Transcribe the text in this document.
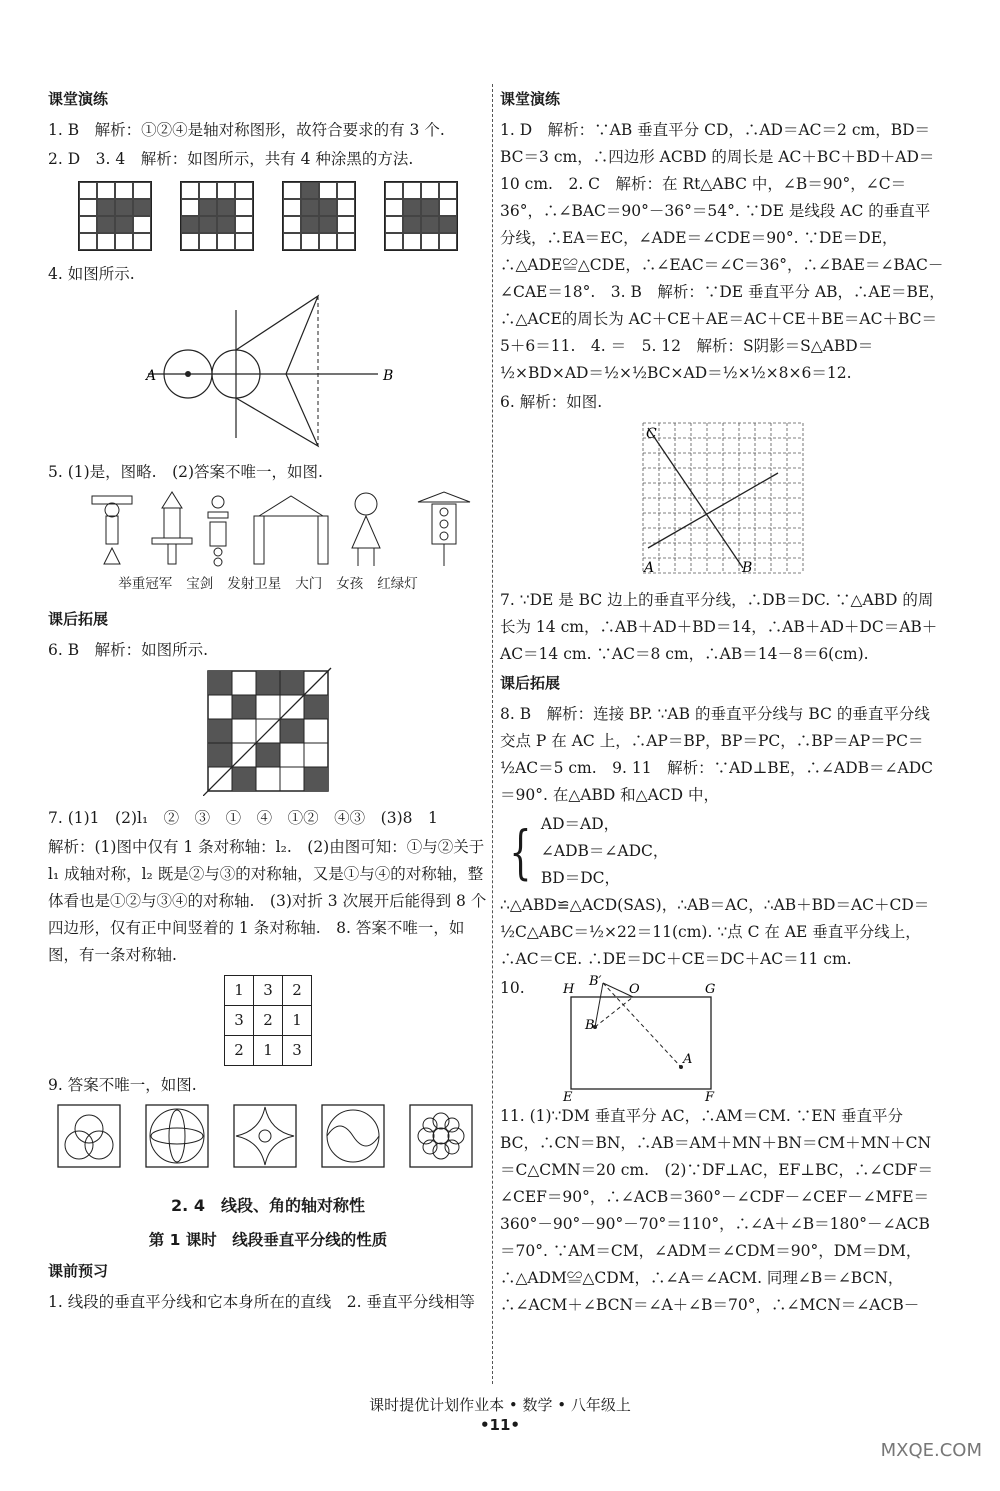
课堂演练

1. B　解析：①②④是轴对称图形，故符合要求的有 3 个.

2. D　3. 4　解析：如图所示，共有 4 种涂黑的方法.

4. 如图所示.

A	B

5. (1)是，图略.　(2)答案不唯一，如图.

举重冠军 宝剑 发射卫星 大门 女孩 红绿灯
课后拓展

6. B　解析：如图所示.

7. (1)1　(2)l₁　②　③　①　④　①②　④③　(3)8　1

解析：(1)图中仅有 1 条对称轴：l₂.　(2)由图可知：①与②关于 l₁ 成轴对称，l₂ 既是②与③的对称轴，又是①与④的对称轴，整体看也是①②与③④的对称轴.　(3)对折 3 次展开后能得到 8 个四边形，仅有正中间竖着的 1 条对称轴.　8. 答案不唯一，如图，有一条对称轴.

1	3	2
3	2	1
2	1	3

9. 答案不唯一，如图.

2. 4　线段、角的轴对称性
第 1 课时　线段垂直平分线的性质
课前预习

1. 线段的垂直平分线和它本身所在的直线　2. 垂直平分线相等

课堂演练

1. D　解析：∵AB 垂直平分 CD，∴AD＝AC＝2 cm，BD＝BC＝3 cm，∴四边形 ACBD 的周长是 AC＋BC＋BD＋AD＝10 cm.　2. C　解析：在 Rt△ABC 中，∠B＝90°，∠C＝36°，∴∠BAC＝90°－36°＝54°. ∵DE 是线段 AC 的垂直平分线，∴EA＝EC，∠ADE＝∠CDE＝90°. ∵DE＝DE，∴△ADE≌△CDE，∴∠EAC＝∠C＝36°，∴∠BAE＝∠BAC－∠CAE＝18°.　3. B　解析：∵DE 垂直平分 AB，∴AE＝BE，∴△ACE的周长为 AC＋CE＋AE＝AC＋CE＋BE＝AC＋BC＝5＋6＝11.　4. ＝　5. 12　解析：S阴影＝S△ABD＝½×BD×AD＝½×½BC×AD＝½×½×8×6＝12.

6. 解析：如图.

C
A	B

7. ∵DE 是 BC 边上的垂直平分线，∴DB＝DC. ∵△ABD 的周长为 14 cm，∴AB＋AD＋BD＝14，∴AB＋AD＋DC＝AB＋AC＝14 cm. ∵AC＝8 cm，∴AB＝14－8＝6(cm).

课后拓展

8. B　解析：连接 BP. ∵AB 的垂直平分线与 BC 的垂直平分线交点 P 在 AC 上，∴AP＝BP，BP＝PC，∴BP＝AP＝PC＝½AC＝5 cm.　9. 11　解析：∵AD⊥BE，∴∠ADB＝∠ADC＝90°. 在△ABD 和△ACD 中，

{ AD＝AD，
∠ADB＝∠ADC，
BD＝DC，

∴△ABD≌△ACD(SAS)，∴AB＝AC，∴AB＋BD＝AC＋CD＝½C△ABC＝½×22＝11(cm). ∵点 C 在 AE 垂直平分线上，∴AC＝CE. ∴DE＝DC＋CE＝DC＋AC＝11 cm.

10.	H	G
E	F
B′
B
O
A

11. (1)∵DM 垂直平分 AC，∴AM＝CM. ∵EN 垂直平分 BC，∴CN＝BN，∴AB＝AM＋MN＋BN＝CM＋MN＋CN＝C△CMN＝20 cm.　(2)∵DF⊥AC，EF⊥BC，∴∠CDF＝∠CEF＝90°，∴∠ACB＝360°－∠CDF－∠CEF－∠MFE＝360°－90°－90°－70°＝110°，∴∠A＋∠B＝180°－∠ACB＝70°. ∵AM＝CM，∠ADM＝∠CDM＝90°，DM＝DM，∴△ADM≌△CDM，∴∠A＝∠ACM. 同理∠B＝∠BCN，∴∠ACM＋∠BCN＝∠A＋∠B＝70°，∴∠MCN＝∠ACB－

课时提优计划作业本 • 数学 • 八年级上
•11•
MXQE.COM
